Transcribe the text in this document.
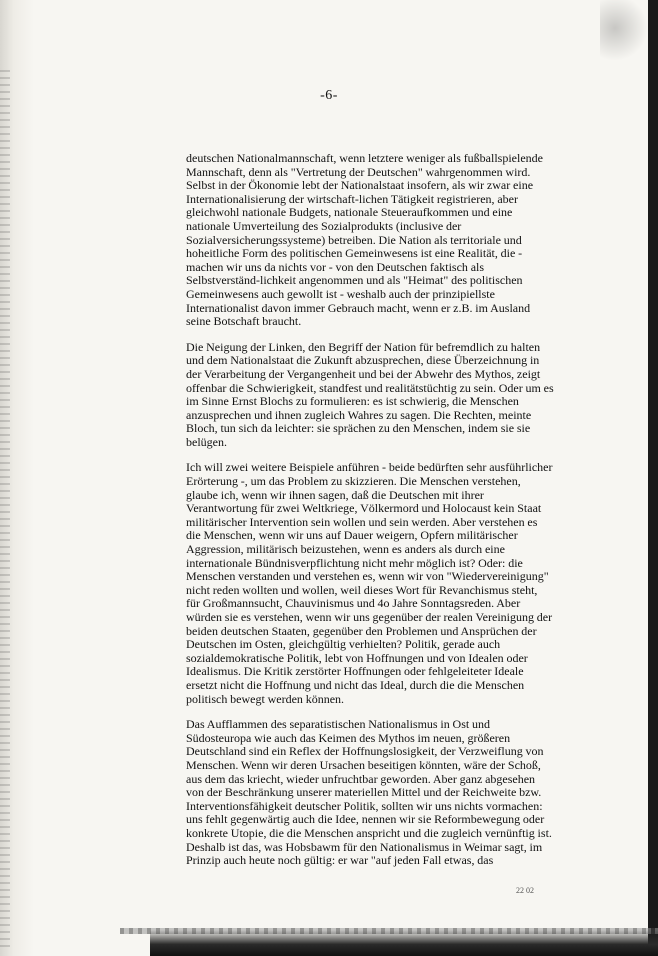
-6-

deutschen Nationalmannschaft, wenn letztere weniger als fußballspielende Mannschaft, denn als "Vertretung der Deutschen" wahrgenommen wird. Selbst in der Ökonomie lebt der Nationalstaat insofern, als wir zwar eine Internationalisierung der wirtschaft-lichen Tätigkeit registrieren, aber gleichwohl nationale Budgets, nationale Steueraufkommen und eine nationale Umverteilung des Sozialprodukts (inclusive der Sozialversicherungssysteme) betreiben. Die Nation als territoriale und hoheitliche Form des politischen Gemeinwesens ist eine Realität, die - machen wir uns da nichts vor - von den Deutschen faktisch als Selbstverständ-lichkeit angenommen und als "Heimat" des politischen Gemeinwesens auch gewollt ist - weshalb auch der prinzipiellste Internationalist davon immer Gebrauch macht, wenn er z.B. im Ausland seine Botschaft braucht.

Die Neigung der Linken, den Begriff der Nation für befremdlich zu halten und dem Nationalstaat die Zukunft abzusprechen, diese Überzeichnung in der Verarbeitung der Vergangenheit und bei der Abwehr des Mythos, zeigt offenbar die Schwierigkeit, standfest und realitätstüchtig zu sein. Oder um es im Sinne Ernst Blochs zu formulieren: es ist schwierig, die Menschen anzusprechen und ihnen zugleich Wahres zu sagen. Die Rechten, meinte Bloch, tun sich da leichter: sie sprächen zu den Menschen, indem sie sie belügen.

Ich will zwei weitere Beispiele anführen - beide bedürften sehr ausführlicher Erörterung -, um das Problem zu skizzieren. Die Menschen verstehen, glaube ich, wenn wir ihnen sagen, daß die Deutschen mit ihrer Verantwortung für zwei Weltkriege, Völkermord und Holocaust kein Staat militärischer Intervention sein wollen und sein werden. Aber verstehen es die Menschen, wenn wir uns auf Dauer weigern, Opfern militärischer Aggression, militärisch beizustehen, wenn es anders als durch eine internationale Bündnisverpflichtung nicht mehr möglich ist? Oder: die Menschen verstanden und verstehen es, wenn wir von "Wiedervereinigung" nicht reden wollten und wollen, weil dieses Wort für Revanchismus steht, für Großmannsucht, Chauvinismus und 4o Jahre Sonntagsreden. Aber würden sie es verstehen, wenn wir uns gegenüber der realen Vereinigung der beiden deutschen Staaten, gegenüber den Problemen und Ansprüchen der Deutschen im Osten, gleichgültig verhielten? Politik, gerade auch sozialdemokratische Politik, lebt von Hoffnungen und von Idealen oder Idealismus. Die Kritik zerstörter Hoffnungen oder fehlgeleiteter Ideale ersetzt nicht die Hoffnung und nicht das Ideal, durch die die Menschen politisch bewegt werden können.

Das Aufflammen des separatistischen Nationalismus in Ost und Südosteuropa wie auch das Keimen des Mythos im neuen, größeren Deutschland sind ein Reflex der Hoffnungslosigkeit, der Verzweiflung von Menschen. Wenn wir deren Ursachen beseitigen könnten, wäre der Schoß, aus dem das kriecht, wieder unfruchtbar geworden. Aber ganz abgesehen von der Beschränkung unserer materiellen Mittel und der Reichweite bzw. Interventionsfähigkeit deutscher Politik, sollten wir uns nichts vormachen: uns fehlt gegenwärtig auch die Idee, nennen wir sie Reformbewegung oder konkrete Utopie, die die Menschen anspricht und die zugleich vernünftig ist. Deshalb ist das, was Hobsbawm für den Nationalismus in Weimar sagt, im Prinzip auch heute noch gültig: er war "auf jeden Fall etwas, das

22 02
